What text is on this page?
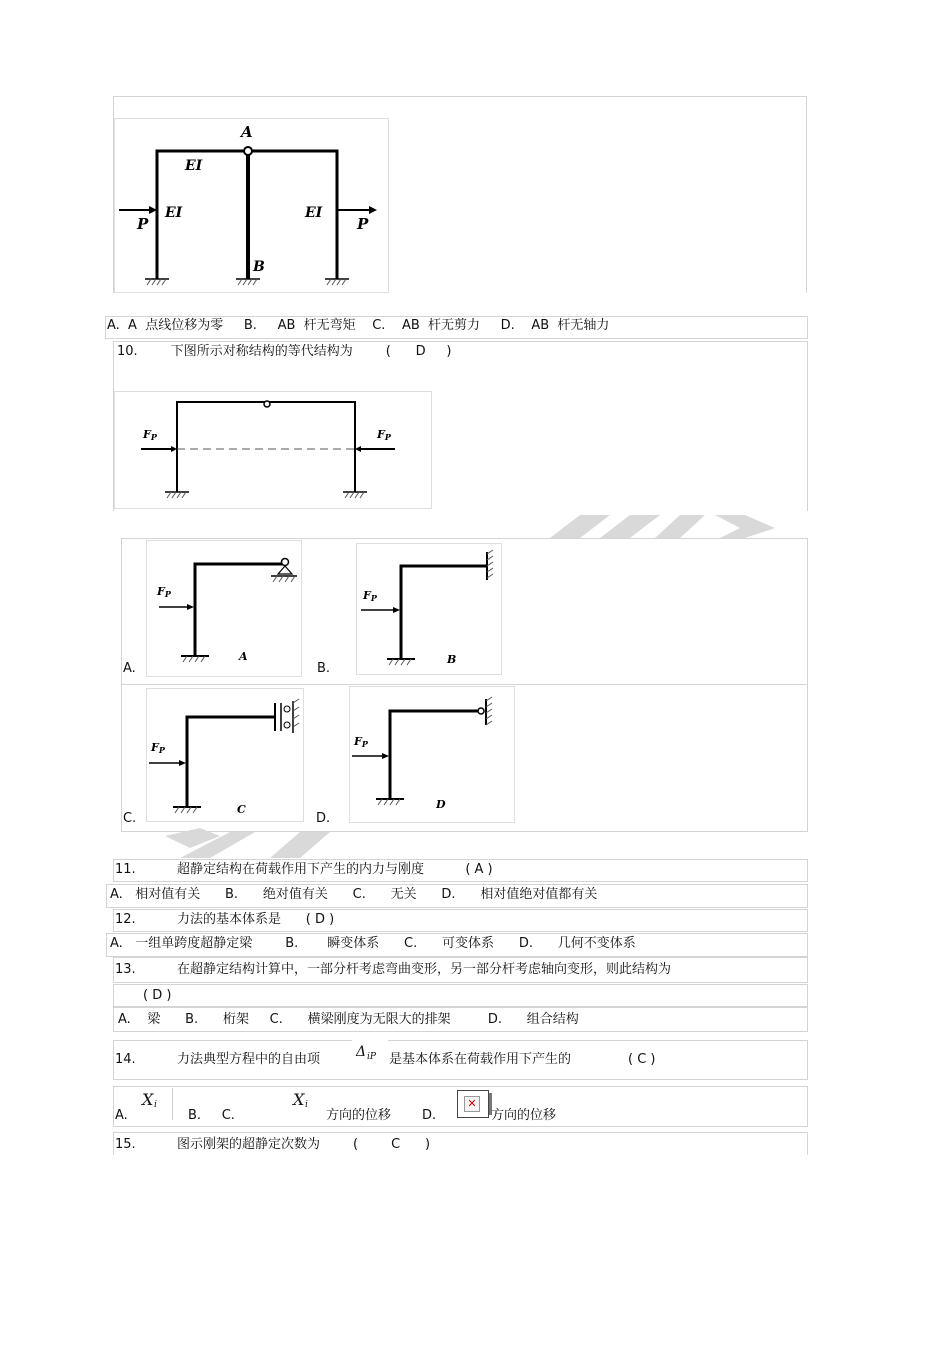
A
EI
EI	EI
P	P
B
A.  A  点线位移为零     B.     AB  杆无弯矩    C.    AB  杆无剪力     D.    AB  杆无轴力
10.        下图所示对称结构的等代结构为        (      D     )
FP	FP
FP
A
FP
B
FP
C
FP
D
A.	B.
C.	D.
11.          超静定结构在荷载作用下产生的内力与刚度          ( A )
A.   相对值有关      B.      绝对值有关      C.      无关      D.      相对值绝对值都有关
12.          力法的基本体系是      ( D )
A.   一组单跨度超静定梁        B.       瞬变体系      C.      可变体系      D.      几何不变体系
13.          在超静定结构计算中，一部分杆考虑弯曲变形，另一部分杆考虑轴向变形，则此结构为
( D )
A.    梁      B.      桁架     C.      横梁刚度为无限大的排架         D.      组合结构
14.          力法典型方程中的自由项	Δ iP 是基本体系在荷载作用下产生的	( C )
A.
X i
B.     C.
X i
方向的位移 D.
✕
方向的位移
15.          图示刚架的超静定次数为        (        C      )
